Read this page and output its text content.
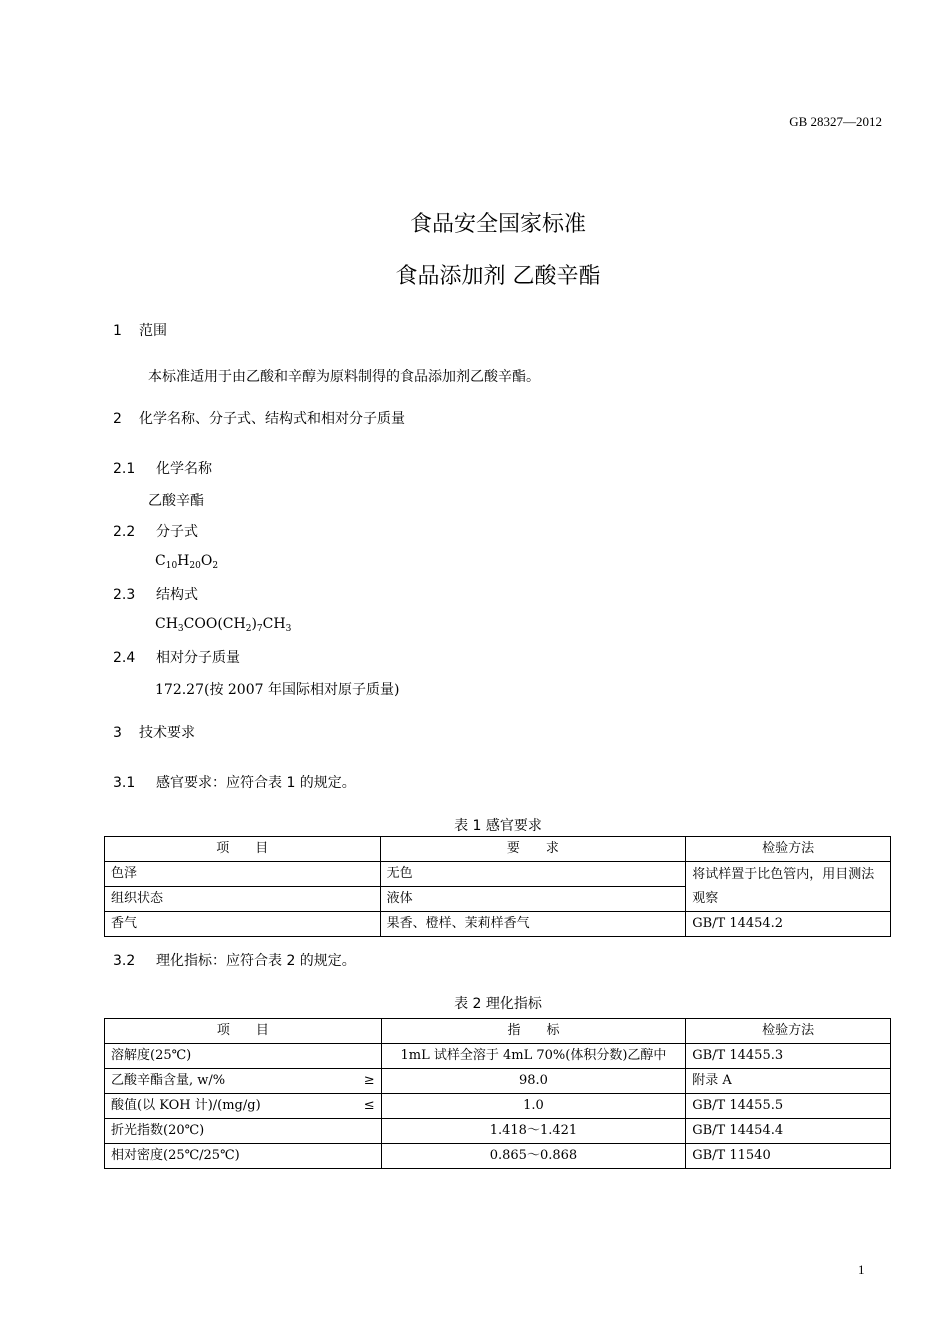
GB 28327—2012
食品安全国家标准
食品添加剂 乙酸辛酯
1 范围
本标准适用于由乙酸和辛醇为原料制得的食品添加剂乙酸辛酯。
2 化学名称、分子式、结构式和相对分子质量
2.1 化学名称
乙酸辛酯
2.2 分子式
$C_{10}H_{20}O_2$
2.3 结构式
$CH_3COO(CH_2)_7CH_3$
2.4 相对分子质量
172.27(按 2007 年国际相对原子质量)
3 技术要求
3.1 感官要求：应符合表 1 的规定。
表 1 感官要求
项　　目	要　　求	检验方法
色泽	无色	将试样置于比色管内，用目测法观察
组织状态	液体	
香气	果香、橙样、茉莉样香气	GB/T 14454.2
3.2 理化指标：应符合表 2 的规定。
表 2 理化指标
项　　目	指　　标	检验方法

溶解度(25℃)	1mL 试样全溶于 4mL 70%(体积分数)乙醇中	GB/T 14455.3

乙酸辛酯含量, w/% ≥	98.0	附录 A

酸值(以 KOH 计)/(mg/g) ≤	1.0	GB/T 14455.5

折光指数(20℃)	1.418～1.421	GB/T 14454.4

相对密度(25℃/25℃)	0.865～0.868	GB/T 11540
1
